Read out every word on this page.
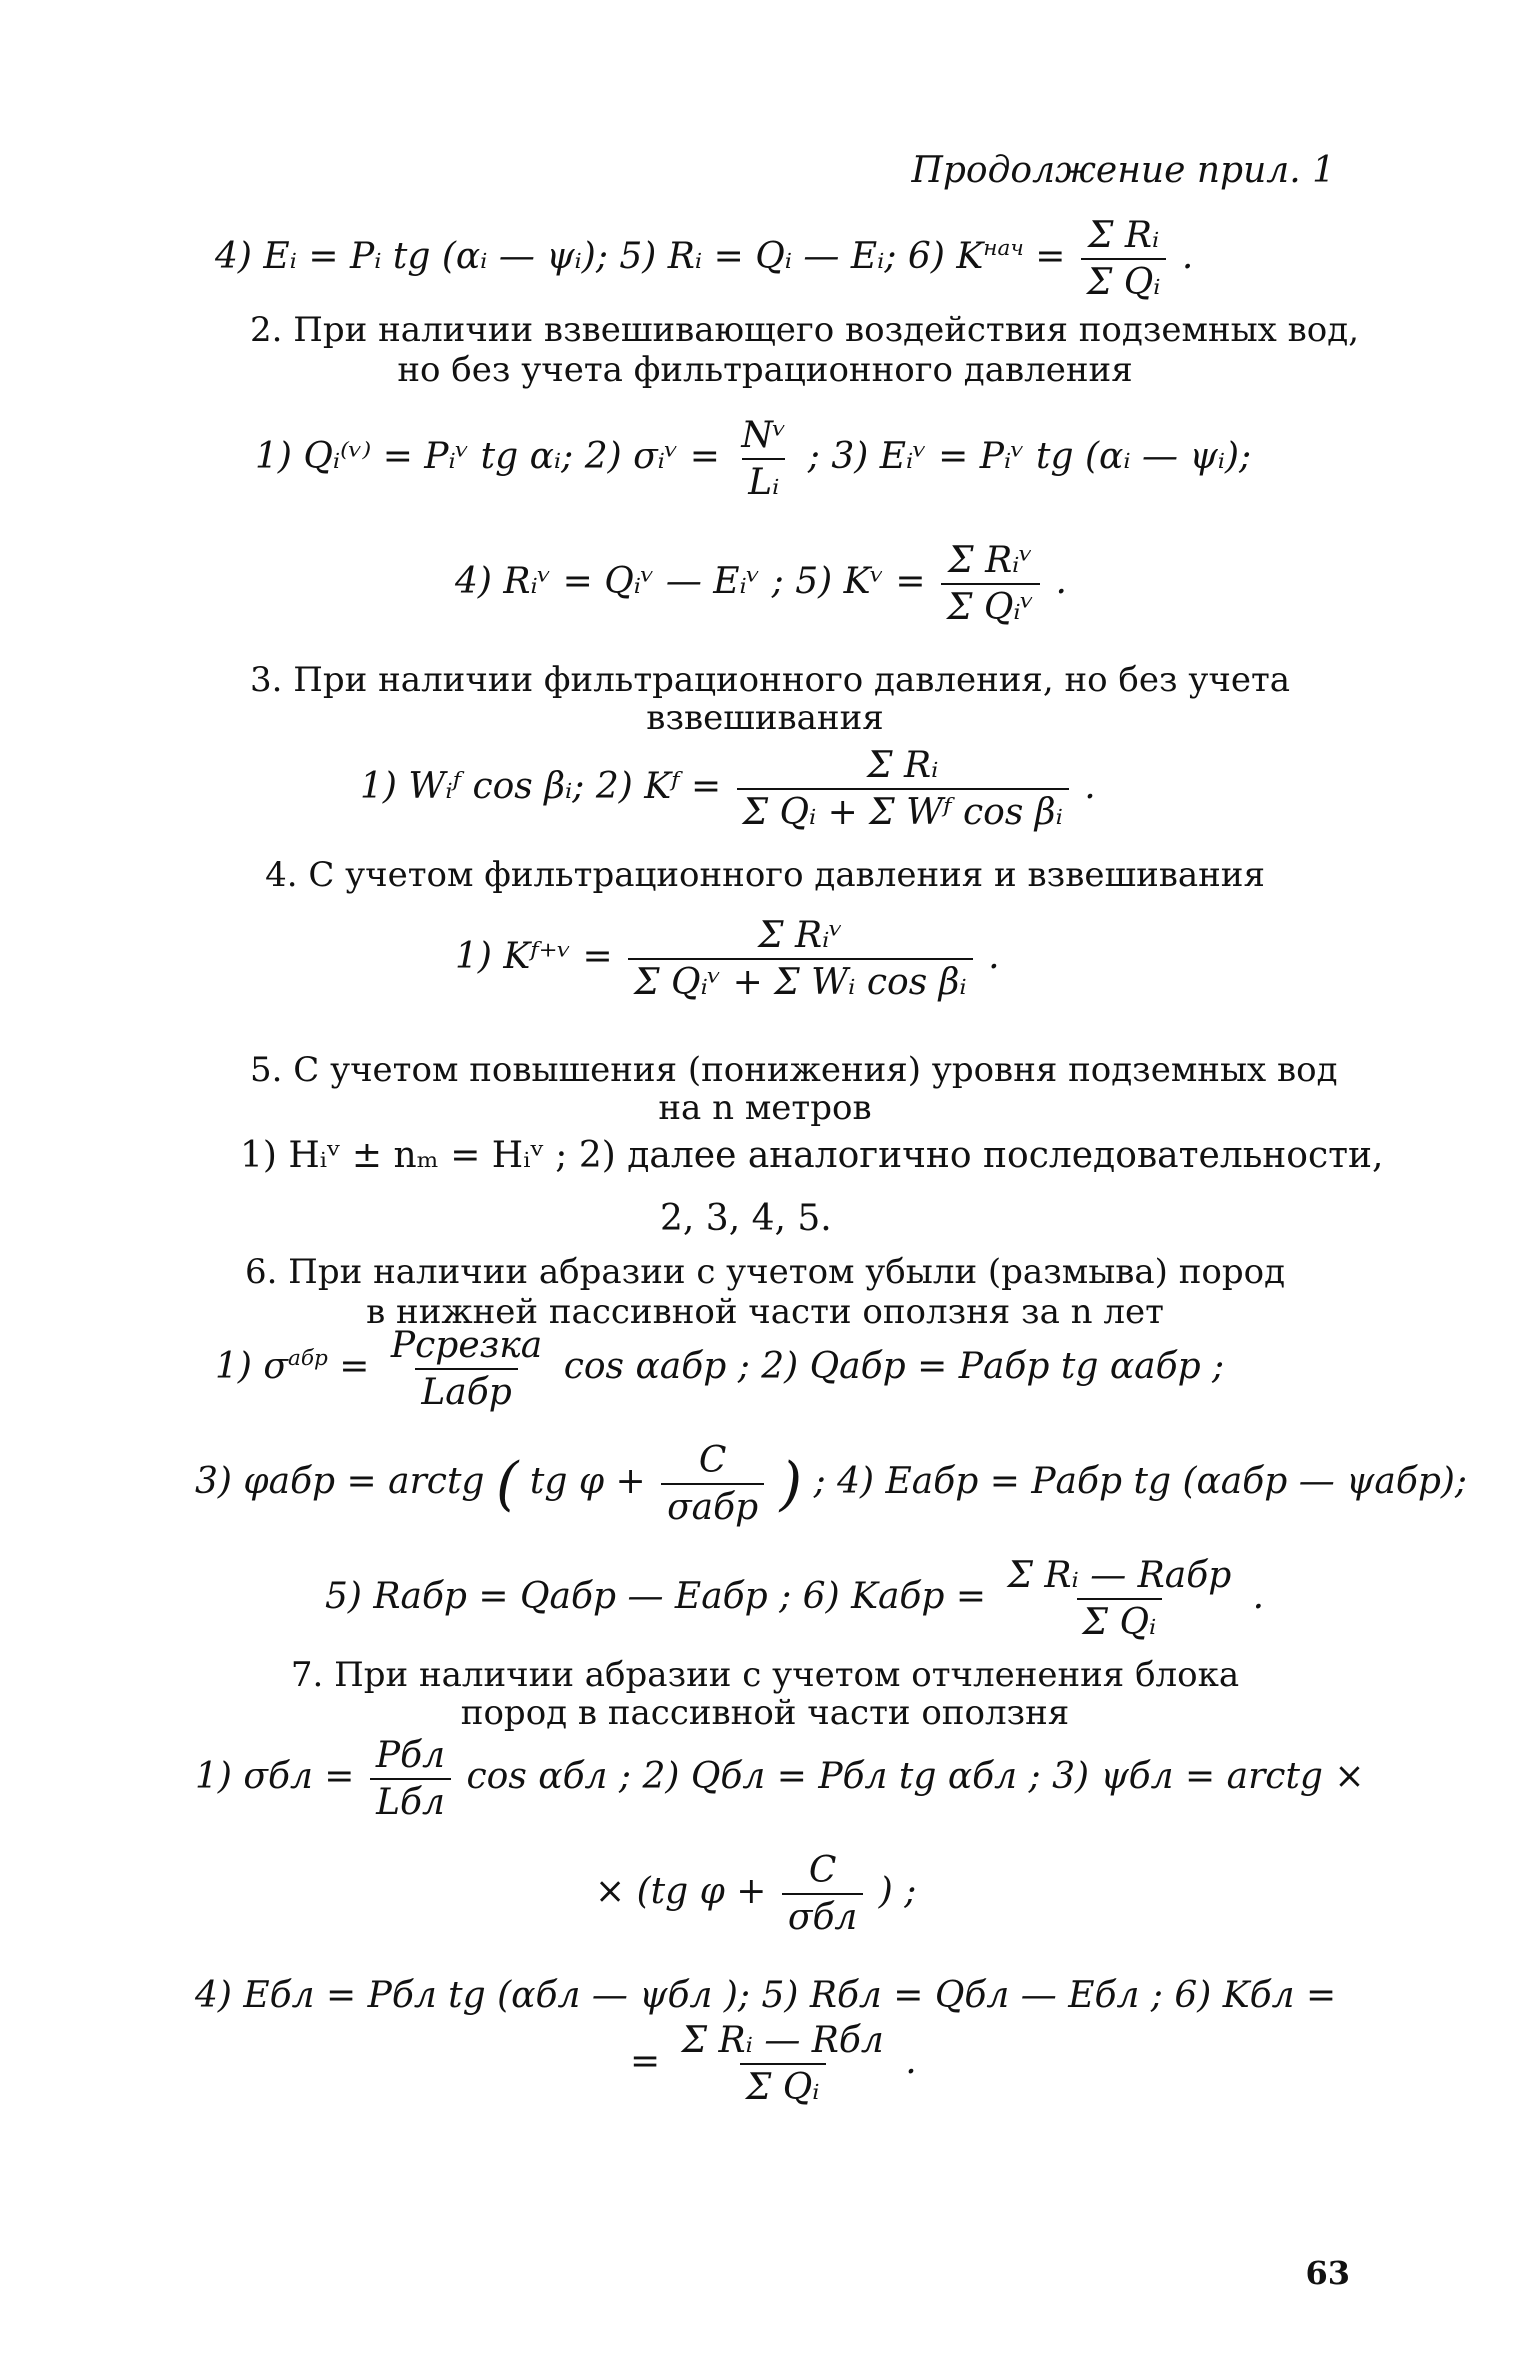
Продолжение прил. 1
4) Eᵢ = Pᵢ tg (αᵢ — ψᵢ); 5) Rᵢ = Qᵢ — Eᵢ; 6) $K^{нач} = \frac{\text{Σ Rᵢ}}{\text{Σ Qᵢ}}$ .
2. При наличии взвешивающего воздействия подземных вод,
но без учета фильтрационного давления
1) Qᵢ⁽ᵛ⁾ = Pᵢᵛ tg αᵢ; 2) σᵢᵛ = $\frac{\text{Nᵛ}}{\text{Lᵢ}}$ ; 3) Eᵢᵛ = Pᵢᵛ tg (αᵢ — ψᵢ);
4) Rᵢᵛ = Qᵢᵛ — Eᵢᵛ ; 5) Kᵛ = $\frac{\text{Σ Rᵢᵛ}}{\text{Σ Qᵢᵛ}}$ .
3. При наличии фильтрационного давления, но без учета
взвешивания
1) Wᵢᶠ cos βᵢ; 2) Kᶠ = $\frac{\text{Σ Rᵢ}}{\text{Σ Qᵢ + Σ Wᶠ cos βᵢ}}$ .
4. С учетом фильтрационного давления и взвешивания
1) Kᶠ⁺ᵛ = $\frac{\text{Σ Rᵢᵛ}}{\text{Σ Qᵢᵛ + Σ Wᵢ cos βᵢ}}$ .
5. С учетом повышения (понижения) уровня подземных вод
на n метров
1) Hᵢᵛ ± nₘ = Hᵢᵛ ; 2) далее аналогично последовательности,
2, 3, 4, 5.
6. При наличии абразии с учетом убыли (размыва) пород
в нижней пассивной части оползня за n лет
1) $\sigma^{абр} = \frac{\text{Pсрезка}}{\text{Lабр}}$ cos αабр ; 2) Qабр = Pабр tg αабр ;
3) φабр = arctg ( tg $\varphi + \frac{C}{\text{σабр}}$ ) ; 4) Eабр = Pабр tg (αабр — ψабр);
5) Rабр = Qабр — Eабр ; 6) Kабр = $\frac{\text{Σ Rᵢ — Rабр}}{\text{Σ Qᵢ}}$ .
7. При наличии абразии с учетом отчленения блока
пород в пассивной части оползня
1) $\sigma бл = \frac{\text{Pбл}}{\text{Lбл}}$ cos αбл ; 2) Qбл = Pбл tg αбл ; 3) ψбл = arctg ×
× (tg $\varphi + \frac{C}{\text{σбл}}$ ) ;
4) Eбл = Pбл tg (αбл — ψбл ); 5) Rбл = Qбл — Eбл ; 6) Kбл =
= $\frac{\text{Σ Rᵢ — Rбл}}{\text{Σ Qᵢ}}$ .
63
